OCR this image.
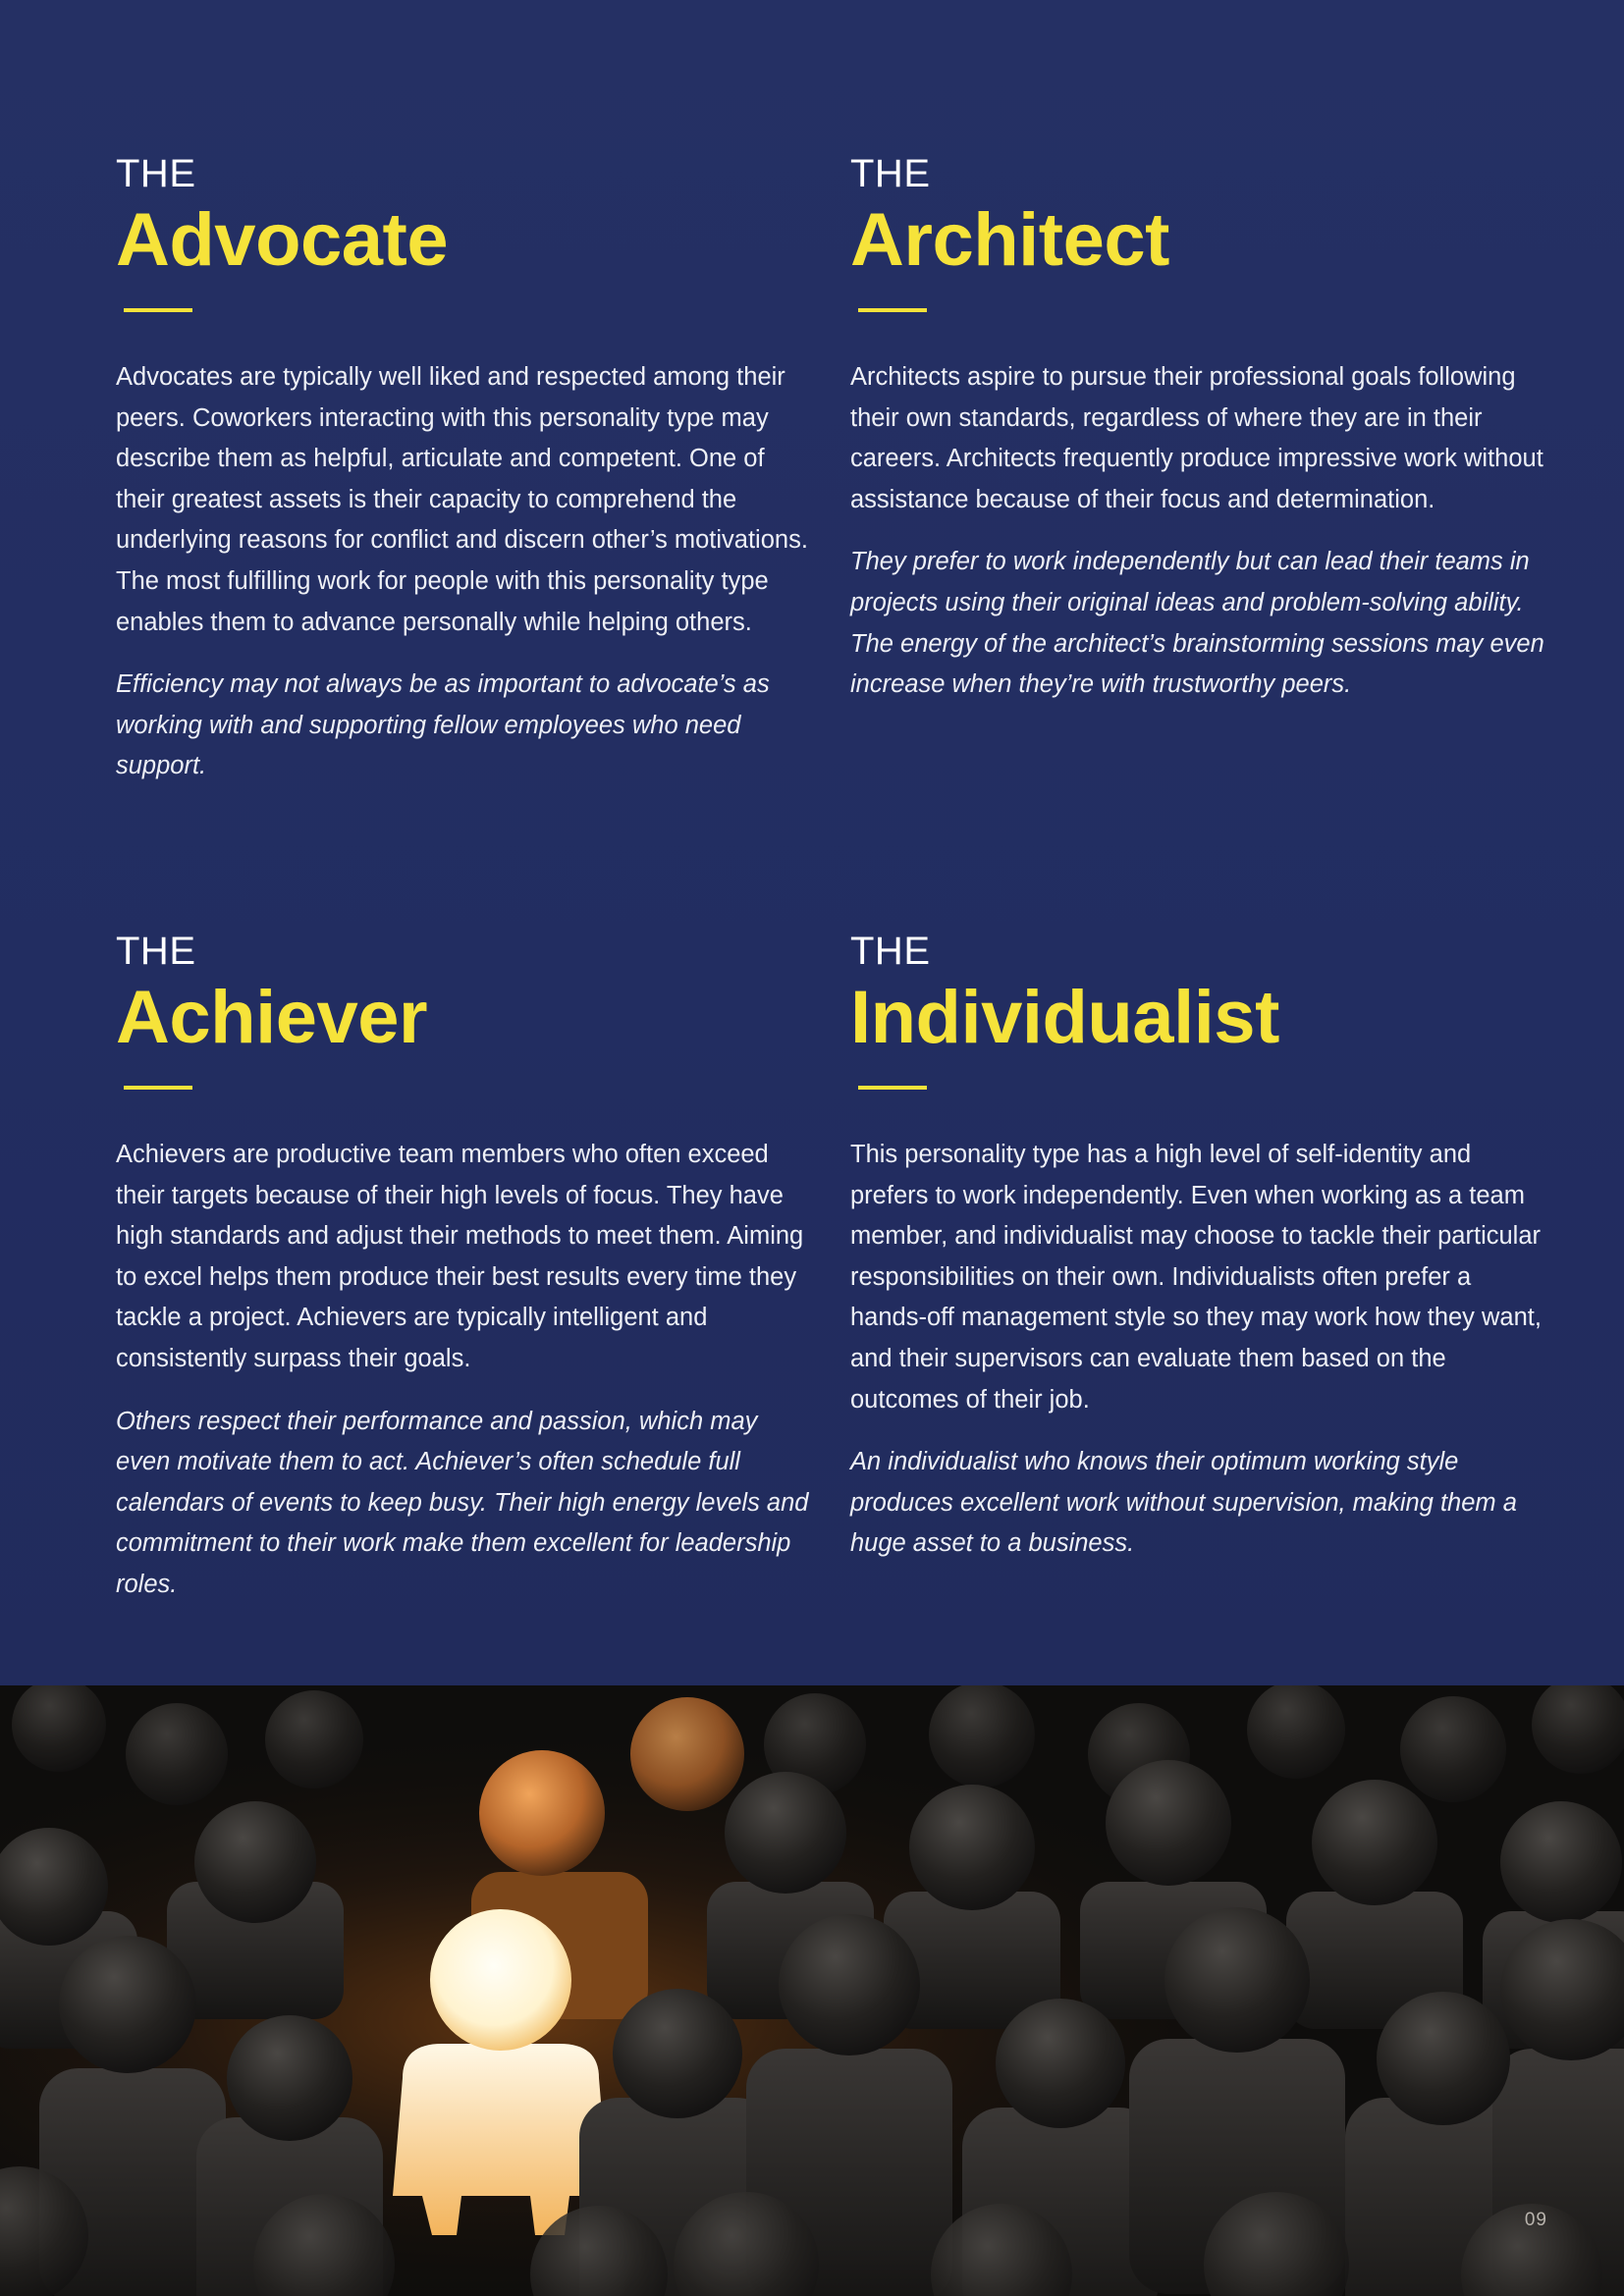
THE

Advocate

Advocates are typically well liked and respected among their peers. Coworkers interacting with this personality type may describe them as helpful, articulate and competent. One of their greatest assets is their capacity to comprehend the underlying reasons for conflict and discern other’s motivations. The most fulfilling work for people with this personality type enables them to advance personally while helping others.

Efficiency may not always be as important to advocate’s as working with and supporting fellow employees who need support.

THE

Architect

Architects aspire to pursue their professional goals following their own standards, regardless of where they are in their careers. Architects frequently produce impressive work without assistance because of their focus and determination.

They prefer to work independently but can lead their teams in projects using their original ideas and problem-solving ability. The energy of the architect’s brainstorming sessions may even increase when they’re with trustworthy peers.

THE

Achiever

Achievers are productive team members who often exceed their targets because of their high levels of focus. They have high standards and adjust their methods to meet them. Aiming to excel helps them produce their best results every time they tackle a project. Achievers are typically intelligent and consistently surpass their goals.

Others respect their performance and passion, which may even motivate them to act. Achiever’s often schedule full calendars of events to keep busy. Their high energy levels and commitment to their work make them excellent for leadership roles.

THE

Individualist

This personality type has a high level of self-identity and prefers to work independently. Even when working as a team member, and individualist may choose to tackle their particular responsibilities on their own. Individualists often prefer a hands-off management style so they may work how they want, and their supervisors can evaluate them based on the outcomes of their job.

An individualist who knows their optimum working style produces excellent work without supervision, making them a huge asset to a business.

09
